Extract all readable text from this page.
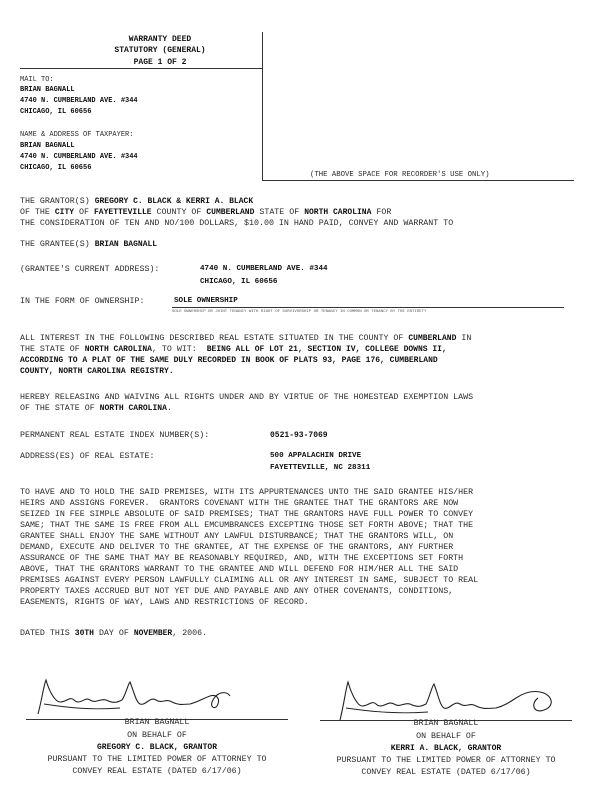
WARRANTY DEED
STATUTORY (GENERAL)
PAGE 1 OF 2
(THE ABOVE SPACE FOR RECORDER'S USE ONLY)
MAIL TO:
BRIAN BAGNALL
4740 N. CUMBERLAND AVE. #344
CHICAGO, IL 60656
NAME & ADDRESS OF TAXPAYER:
BRIAN BAGNALL
4740 N. CUMBERLAND AVE. #344
CHICAGO, IL 60656
THE GRANTOR(S) GREGORY C. BLACK & KERRI A. BLACK
OF THE CITY OF FAYETTEVILLE COUNTY OF CUMBERLAND STATE OF NORTH CAROLINA FOR
THE CONSIDERATION OF TEN AND NO/100 DOLLARS, $10.00 IN HAND PAID, CONVEY AND WARRANT TO
THE GRANTEE(S) BRIAN BAGNALL
(GRANTEE'S CURRENT ADDRESS):	4740 N. CUMBERLAND AVE. #344
CHICAGO, IL 60656
IN THE FORM OF OWNERSHIP:	SOLE OWNERSHIP
SOLE OWNERSHIP OR JOINT TENANCY WITH RIGHT OF SURVIVORSHIP OR TENANCY IN COMMON OR TENANCY BY THE ENTIRETY
ALL INTEREST IN THE FOLLOWING DESCRIBED REAL ESTATE SITUATED IN THE COUNTY OF CUMBERLAND IN
THE STATE OF NORTH CAROLINA, TO WIT:  BEING ALL OF LOT 21, SECTION IV, COLLEGE DOWNS II,
ACCORDING TO A PLAT OF THE SAME DULY RECORDED IN BOOK OF PLATS 93, PAGE 176, CUMBERLAND
COUNTY, NORTH CAROLINA REGISTRY.
HEREBY RELEASING AND WAIVING ALL RIGHTS UNDER AND BY VIRTUE OF THE HOMESTEAD EXEMPTION LAWS
OF THE STATE OF NORTH CAROLINA.
PERMANENT REAL ESTATE INDEX NUMBER(S):	0521-93-7069
ADDRESS(ES) OF REAL ESTATE:	500 APPALACHIN DRIVE
FAYETTEVILLE, NC 28311
TO HAVE AND TO HOLD THE SAID PREMISES, WITH ITS APPURTENANCES UNTO THE SAID GRANTEE HIS/HER
HEIRS AND ASSIGNS FOREVER.  GRANTORS COVENANT WITH THE GRANTEE THAT THE GRANTORS ARE NOW
SEIZED IN FEE SIMPLE ABSOLUTE OF SAID PREMISES; THAT THE GRANTORS HAVE FULL POWER TO CONVEY
SAME; THAT THE SAME IS FREE FROM ALL EMCUMBRANCES EXCEPTING THOSE SET FORTH ABOVE; THAT THE
GRANTEE SHALL ENJOY THE SAME WITHOUT ANY LAWFUL DISTURBANCE; THAT THE GRANTORS WILL, ON
DEMAND, EXECUTE AND DELIVER TO THE GRANTEE, AT THE EXPENSE OF THE GRANTORS, ANY FURTHER
ASSURANCE OF THE SAME THAT MAY BE REASONABLY REQUIRED, AND, WITH THE EXCEPTIONS SET FORTH
ABOVE, THAT THE GRANTORS WARRANT TO THE GRANTEE AND WILL DEFEND FOR HIM/HER ALL THE SAID
PREMISES AGAINST EVERY PERSON LAWFULLY CLAIMING ALL OR ANY INTEREST IN SAME, SUBJECT TO REAL
PROPERTY TAXES ACCRUED BUT NOT YET DUE AND PAYABLE AND ANY OTHER COVENANTS, CONDITIONS,
EASEMENTS, RIGHTS OF WAY, LAWS AND RESTRICTIONS OF RECORD.
DATED THIS 30TH DAY OF NOVEMBER, 2006.
BRIAN BAGNALL
ON BEHALF OF
GREGORY C. BLACK, GRANTOR
PURSUANT TO THE LIMITED POWER OF ATTORNEY TO
CONVEY REAL ESTATE (DATED 6/17/06)
BRIAN BAGNALL
ON BEHALF OF
KERRI A. BLACK, GRANTOR
PURSUANT TO THE LIMITED POWER OF ATTORNEY TO
CONVEY REAL ESTATE (DATED 6/17/06)
